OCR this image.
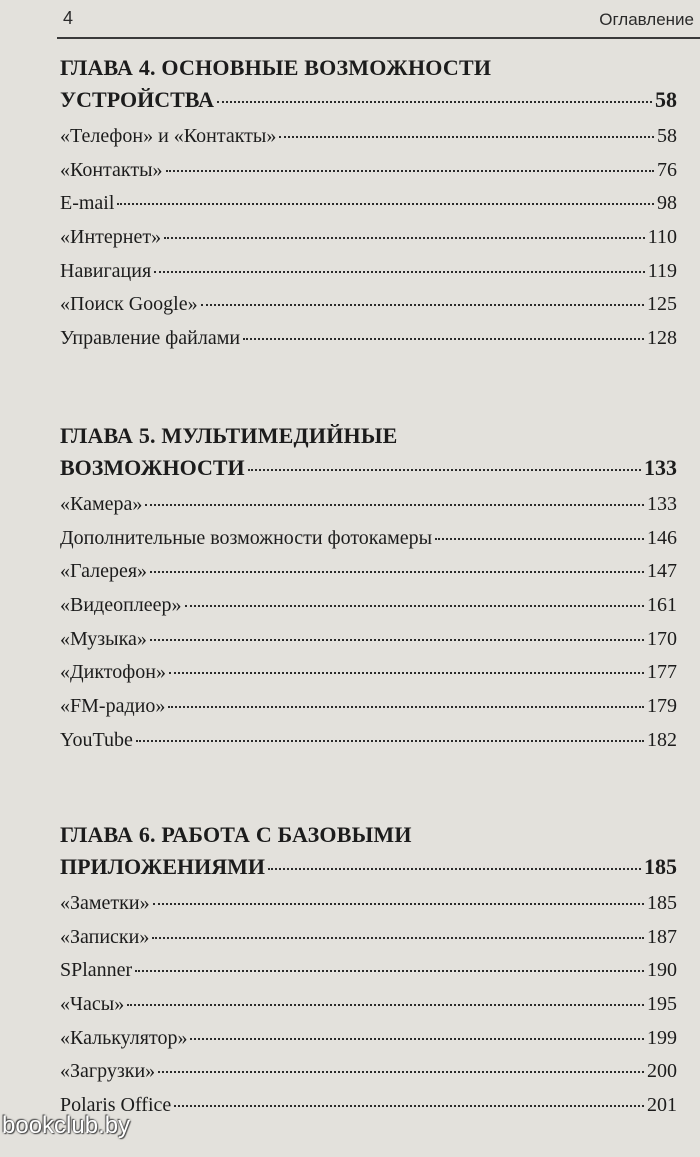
4	Оглавление
ГЛАВА 4. ОСНОВНЫЕ ВОЗМОЖНОСТИ
УСТРОЙСТВА	58
«Телефон» и «Контакты»	58
«Контакты»	76
E-mail	98
«Интернет»	110
Навигация	119
«Поиск Google»	125
Управление файлами	128
ГЛАВА 5. МУЛЬТИМЕДИЙНЫЕ
ВОЗМОЖНОСТИ	133
«Камера»	133
Дополнительные возможности фотокамеры	146
«Галерея»	147
«Видеоплеер»	161
«Музыка»	170
«Диктофон»	177
«FM-радио»	179
YouTube	182
ГЛАВА 6. РАБОТА С БАЗОВЫМИ
ПРИЛОЖЕНИЯМИ	185
«Заметки»	185
«Записки»	187
SPlanner	190
«Часы»	195
«Калькулятор»	199
«Загрузки»	200
Polaris Office	201
bookclub.by
